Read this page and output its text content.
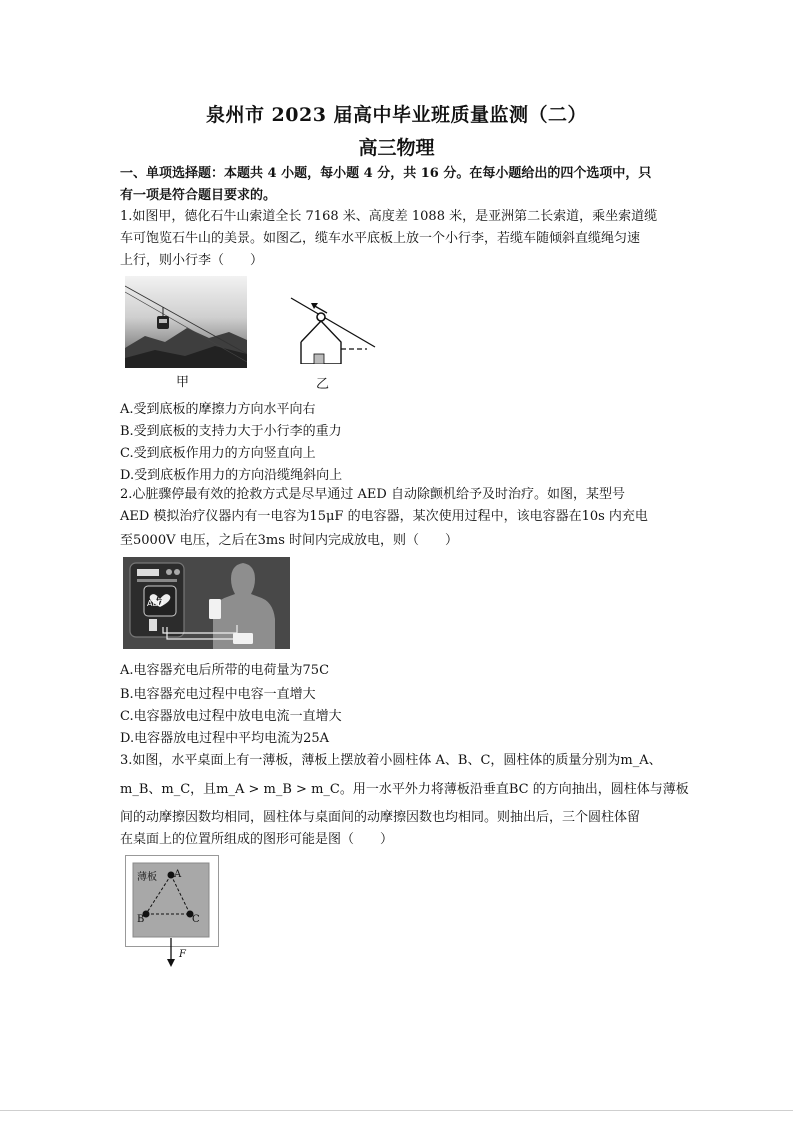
泉州市 2023 届高中毕业班质量监测（二）
高三物理
一、单项选择题：本题共 4 小题，每小题 4 分，共 16 分。在每小题给出的四个选项中，只
有一项是符合题目要求的。
1.如图甲，德化石牛山索道全长 7168 米、高度差 1088 米，是亚洲第二长索道，乘坐索道缆
车可饱览石牛山的美景。如图乙，缆车水平底板上放一个小行李，若缆车随倾斜直缆绳匀速
上行，则小行李（　　）
甲	乙
A.受到底板的摩擦力方向水平向右
B.受到底板的支持力大于小行李的重力
C.受到底板作用力的方向竖直向上
D.受到底板作用力的方向沿缆绳斜向上
2.心脏骤停最有效的抢救方式是尽早通过 AED 自动除颤机给予及时治疗。如图，某型号
AED 模拟治疗仪器内有一电容为15μF 的电容器，某次使用过程中，该电容器在10s 内充电
至5000V 电压，之后在3ms 时间内完成放电，则（　　）
AED
A.电容器充电后所带的电荷量为75C
B.电容器充电过程中电容一直增大
C.电容器放电过程中放电电流一直增大
D.电容器放电过程中平均电流为25A
3.如图，水平桌面上有一薄板，薄板上摆放着小圆柱体 A、B、C，圆柱体的质量分别为m_A、
m_B、m_C，且m_A > m_B > m_C。用一水平外力将薄板沿垂直BC 的方向抽出，圆柱体与薄板
间的动摩擦因数均相同，圆柱体与桌面间的动摩擦因数也均相同。则抽出后，三个圆柱体留
在桌面上的位置所组成的图形可能是图（　　）
薄板 A
B	C
F
